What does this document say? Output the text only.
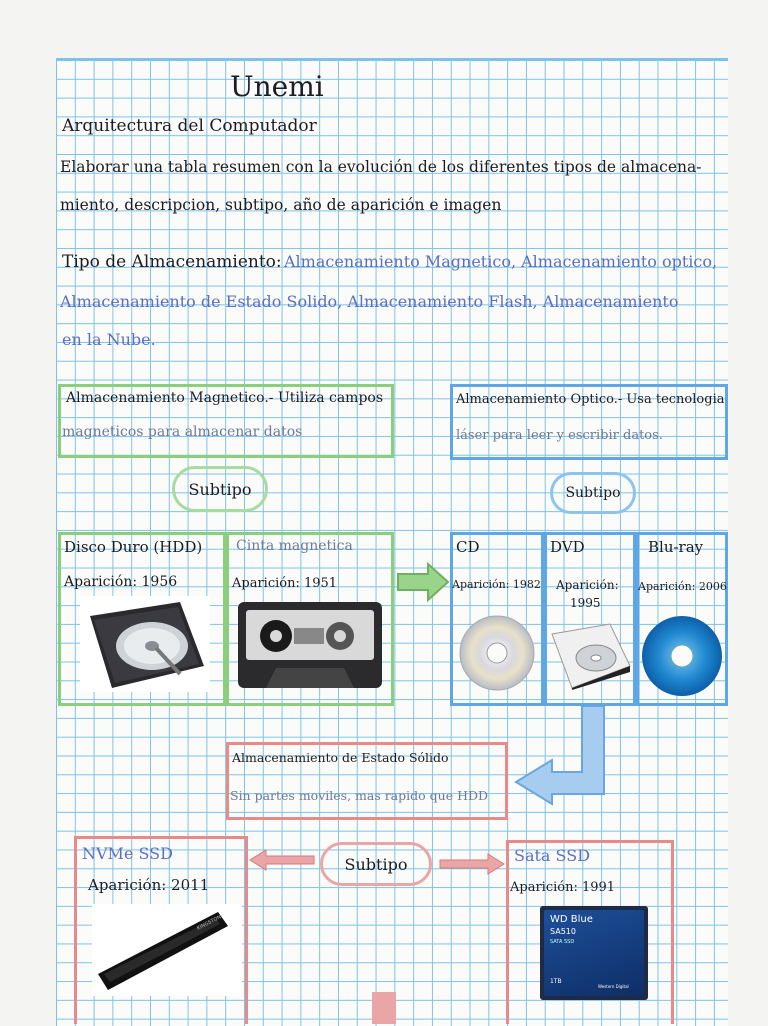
Unemi
Arquitectura del Computador
Elaborar una tabla resumen con la evolución de los diferentes tipos de almacena-
miento, descripcion, subtipo, año de aparición e imagen
Tipo de Almacenamiento: Almacenamiento Magnetico, Almacenamiento optico,
Almacenamiento de Estado Solido, Almacenamiento Flash, Almacenamiento
en la Nube.
Almacenamiento Magnetico.- Utiliza campos
magneticos para almacenar datos
Almacenamiento Optico.- Usa tecnologia
láser para leer y escribir datos.
Subtipo	Subtipo
Disco Duro (HDD)
Aparición: 1956
Cinta magnetica
Aparición: 1951
CD
Aparición: 1982
DVD
Aparición:
1995
Blu-ray
Aparición: 2006
Almacenamiento de Estado Sólido
Sin partes moviles, mas rapido que HDD
Subtipo
NVMe SSD
Aparición: 2011
Sata SSD
Aparición: 1991
KINGSTON	WD Blue
SA510
SATA SSD
1TB
Western Digital
